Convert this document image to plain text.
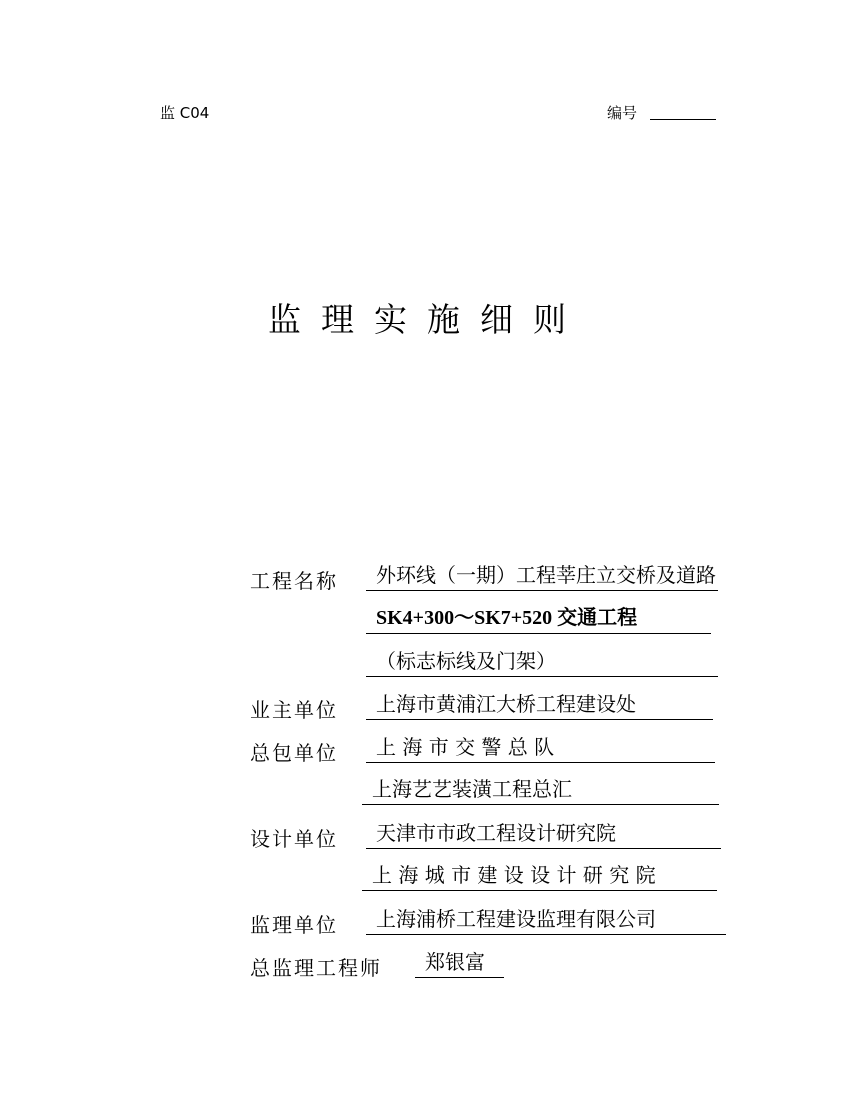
监 C04	编号
监理实施细则
工程名称	外环线（一期）工程莘庄立交桥及道路
SK4+300～SK7+520 交通工程
（标志标线及门架）
业主单位	上海市黄浦江大桥工程建设处
总包单位	上 海 市 交 警 总 队
上海艺艺装潢工程总汇
设计单位	天津市市政工程设计研究院
上 海 城 市 建 设 设 计 研 究 院
监理单位	上海浦桥工程建设监理有限公司
总监理工程师	郑银富
